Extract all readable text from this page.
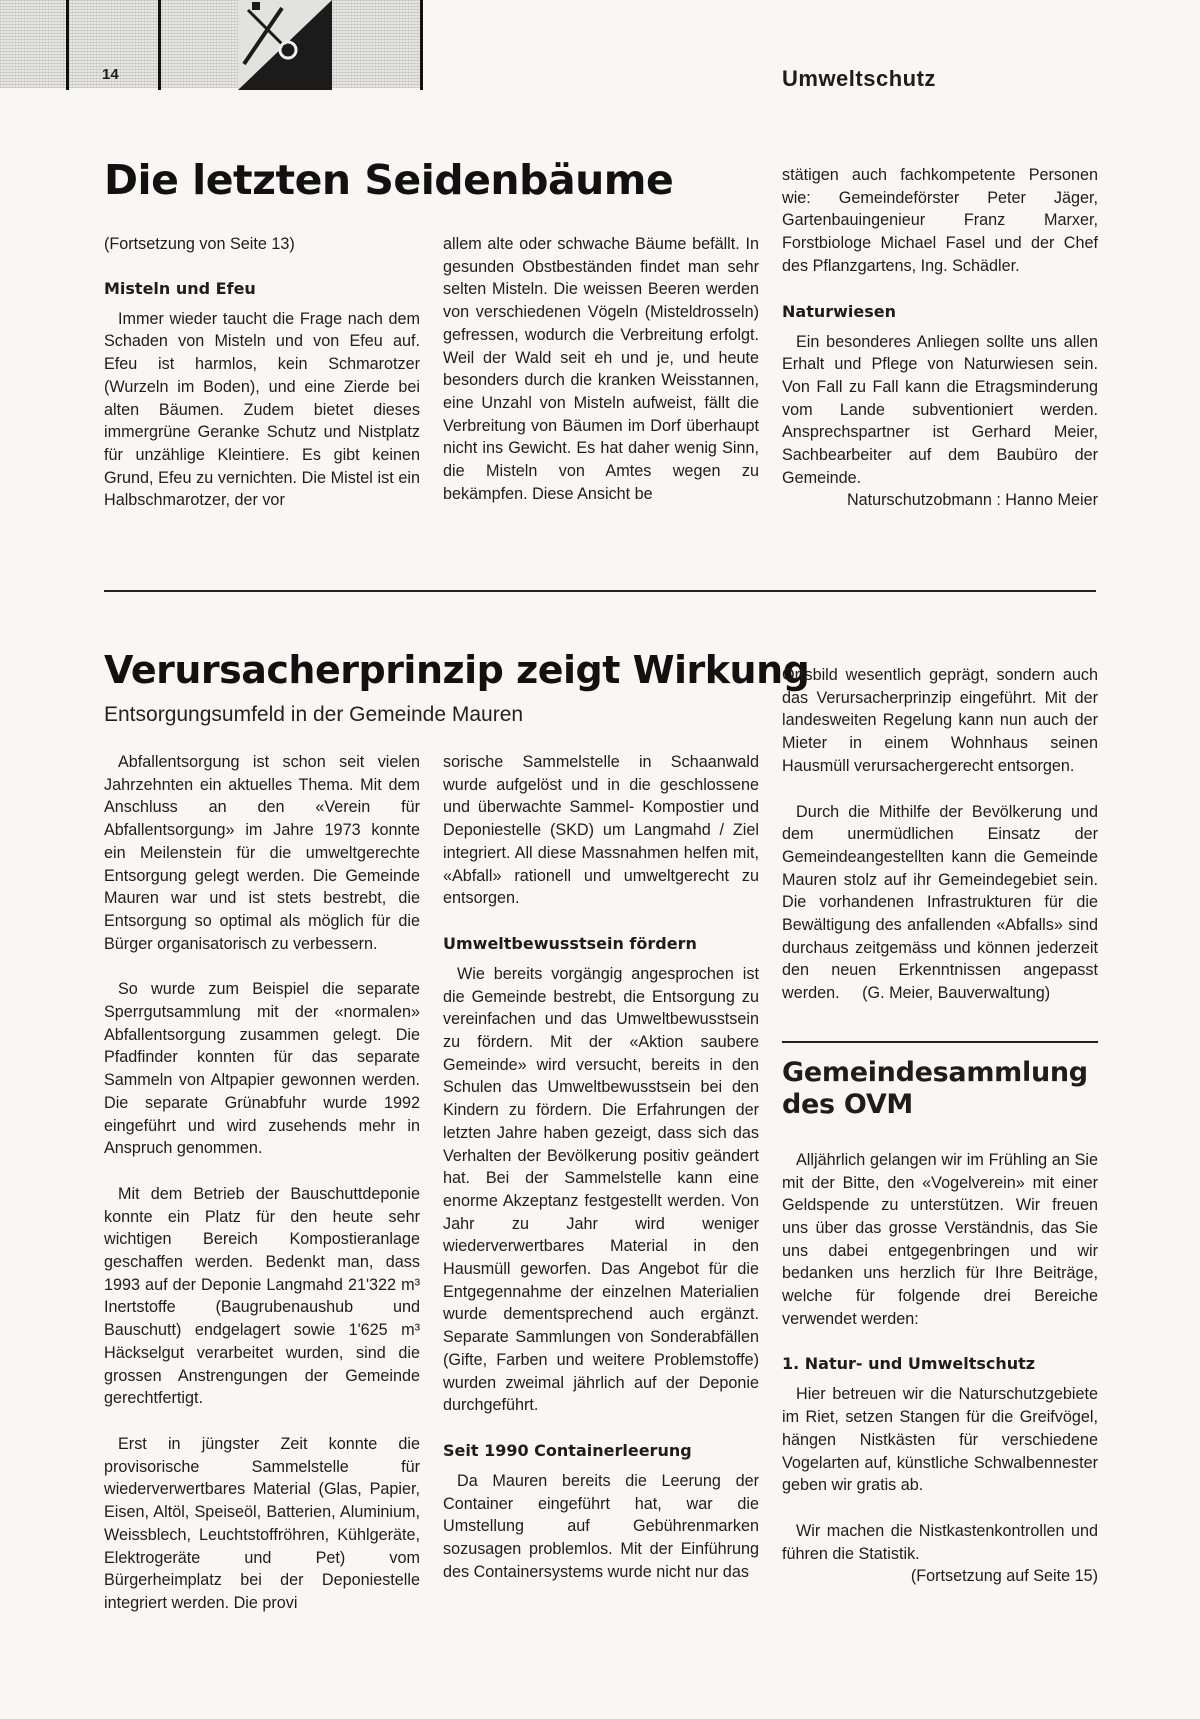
14	Umweltschutz
Die letzten Seidenbäume

(Fortsetzung von Seite 13)

Misteln und Efeu

Immer wieder taucht die Frage nach dem Schaden von Misteln und von Efeu auf. Efeu ist harmlos, kein Schmarotzer (Wurzeln im Boden), und eine Zierde bei alten Bäumen. Zudem bietet dieses immergrüne Geranke Schutz und Nistplatz für unzählige Kleintiere. Es gibt keinen Grund, Efeu zu vernichten. Die Mistel ist ein Halbschmarotzer, der vor

allem alte oder schwache Bäume befällt. In gesunden Obstbeständen findet man sehr selten Misteln. Die weissen Beeren werden von verschiedenen Vögeln (Misteldrosseln) gefressen, wodurch die Verbreitung erfolgt. Weil der Wald seit eh und je, und heute besonders durch die kranken Weisstannen, eine Unzahl von Misteln aufweist, fällt die Verbreitung von Bäumen im Dorf überhaupt nicht ins Gewicht. Es hat daher wenig Sinn, die Misteln von Amtes wegen zu bekämpfen. Diese Ansicht be

stätigen auch fachkompetente Personen wie: Gemeindeförster Peter Jäger, Gartenbauingenieur Franz Marxer, Forstbiologe Michael Fasel und der Chef des Pflanzgartens, Ing. Schädler.

Naturwiesen

Ein besonderes Anliegen sollte uns allen Erhalt und Pflege von Naturwiesen sein. Von Fall zu Fall kann die Etragsminderung vom Lande subventioniert werden. Ansprechspartner ist Gerhard Meier, Sachbearbeiter auf dem Baubüro der Gemeinde.

Naturschutzobmann : Hanno Meier

Verursacherprinzip zeigt Wirkung
Entsorgungsumfeld in der Gemeinde Mauren

Abfallentsorgung ist schon seit vielen Jahrzehnten ein aktuelles Thema. Mit dem Anschluss an den «Verein für Abfallentsorgung» im Jahre 1973 konnte ein Meilenstein für die umweltgerechte Entsorgung gelegt werden. Die Gemeinde Mauren war und ist stets bestrebt, die Entsorgung so optimal als möglich für die Bürger organisatorisch zu verbessern.

So wurde zum Beispiel die separate Sperrgutsammlung mit der «normalen» Abfallentsorgung zusammen gelegt. Die Pfadfinder konnten für das separate Sammeln von Altpapier gewonnen werden. Die separate Grünabfuhr wurde 1992 eingeführt und wird zusehends mehr in Anspruch genommen.

Mit dem Betrieb der Bauschuttdeponie konnte ein Platz für den heute sehr wichtigen Bereich Kompostieranlage geschaffen werden. Bedenkt man, dass 1993 auf der Deponie Langmahd 21'322 m³ Inertstoffe (Baugrubenaushub und Bauschutt) endgelagert sowie 1'625 m³ Häckselgut verarbeitet wurden, sind die grossen Anstrengungen der Gemeinde gerechtfertigt.

Erst in jüngster Zeit konnte die provisorische Sammelstelle für wiederverwertbares Material (Glas, Papier, Eisen, Altöl, Speiseöl, Batterien, Aluminium, Weissblech, Leuchtstoffröhren, Kühlgeräte, Elektrogeräte und Pet) vom Bürgerheimplatz bei der Deponiestelle integriert werden. Die provi

sorische Sammelstelle in Schaanwald wurde aufgelöst und in die geschlossene und überwachte Sammel- Kompostier und Deponiestelle (SKD) um Langmahd / Ziel integriert. All diese Massnahmen helfen mit, «Abfall» rationell und umweltgerecht zu entsorgen.

Umweltbewusstsein fördern

Wie bereits vorgängig angesprochen ist die Gemeinde bestrebt, die Entsorgung zu vereinfachen und das Umweltbewusstsein zu fördern. Mit der «Aktion saubere Gemeinde» wird versucht, bereits in den Schulen das Umweltbewusstsein bei den Kindern zu fördern. Die Erfahrungen der letzten Jahre haben gezeigt, dass sich das Verhalten der Bevölkerung positiv geändert hat. Bei der Sammelstelle kann eine enorme Akzeptanz festgestellt werden. Von Jahr zu Jahr wird weniger wiederverwertbares Material in den Hausmüll geworfen. Das Angebot für die Entgegennahme der einzelnen Materialien wurde dementsprechend auch ergänzt. Separate Sammlungen von Sonderabfällen (Gifte, Farben und weitere Problemstoffe) wurden zweimal jährlich auf der Deponie durchgeführt.

Seit 1990 Containerleerung

Da Mauren bereits die Leerung der Container eingeführt hat, war die Umstellung auf Gebührenmarken sozusagen problemlos. Mit der Einführung des Containersystems wurde nicht nur das

Ortsbild wesentlich geprägt, sondern auch das Verursacherprinzip eingeführt. Mit der landesweiten Regelung kann nun auch der Mieter in einem Wohnhaus seinen Hausmüll verursachergerecht entsorgen.

Durch die Mithilfe der Bevölkerung und dem unermüdlichen Einsatz der Gemeindeangestellten kann die Gemeinde Mauren stolz auf ihr Gemeindegebiet sein. Die vorhandenen Infrastrukturen für die Bewältigung des anfallenden «Abfalls» sind durchaus zeitgemäss und können jederzeit den neuen Erkenntnissen angepasst werden. (G. Meier, Bauverwaltung)

Gemeindesammlung des OVM

Alljährlich gelangen wir im Frühling an Sie mit der Bitte, den «Vogelverein» mit einer Geldspende zu unterstützen. Wir freuen uns über das grosse Verständnis, das Sie uns dabei entgegenbringen und wir bedanken uns herzlich für Ihre Beiträge, welche für folgende drei Bereiche verwendet werden:

1. Natur- und Umweltschutz

Hier betreuen wir die Naturschutzgebiete im Riet, setzen Stangen für die Greifvögel, hängen Nistkästen für verschiedene Vogelarten auf, künstliche Schwalbennester geben wir gratis ab.

Wir machen die Nistkastenkontrollen und führen die Statistik.

(Fortsetzung auf Seite 15)
